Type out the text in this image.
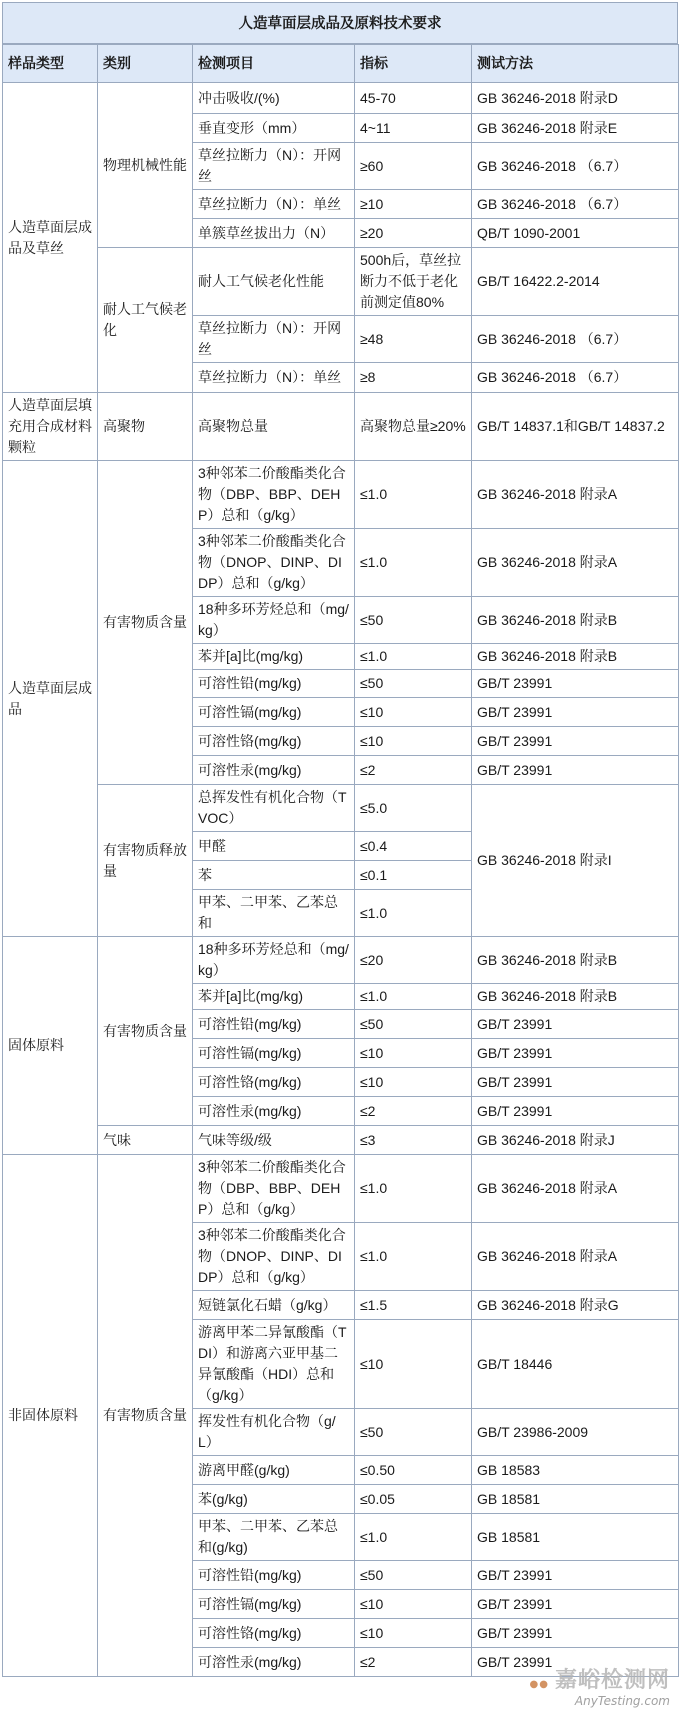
人造草面层成品及原料技术要求
样品类型	类别	检测项目	指标	测试方法
人造草面层成品及草丝	物理机械性能	冲击吸收/(%)	45-70	GB 36246-2018 附录D
		垂直变形（mm）	4~11	GB 36246-2018 附录E
		草丝拉断力（N）：开网丝	≥60	GB 36246-2018 （6.7）
		草丝拉断力（N）：单丝	≥10	GB 36246-2018 （6.7）
		单簇草丝拔出力（N）	≥20	QB/T 1090-2001
	耐人工气候老化	耐人工气候老化性能	500h后，草丝拉断力不低于老化前测定值80%	GB/T 16422.2-2014
		草丝拉断力（N）：开网丝	≥48	GB 36246-2018 （6.7）
		草丝拉断力（N）：单丝	≥8	GB 36246-2018 （6.7）
人造草面层填充用合成材料颗粒	高聚物	高聚物总量	高聚物总量≥20%	GB/T 14837.1和GB/T 14837.2
人造草面层成品	有害物质含量	3种邻苯二价酸酯类化合物（DBP、BBP、DEHP）总和（g/kg）	≤1.0	GB 36246-2018 附录A
		3种邻苯二价酸酯类化合物（DNOP、DINP、DIDP）总和（g/kg）	≤1.0	GB 36246-2018 附录A
		18种多环芳烃总和（mg/kg）	≤50	GB 36246-2018 附录B
		苯并[a]比(mg/kg)	≤1.0	GB 36246-2018 附录B
		可溶性铅(mg/kg)	≤50	GB/T 23991
		可溶性镉(mg/kg)	≤10	GB/T 23991
		可溶性铬(mg/kg)	≤10	GB/T 23991
		可溶性汞(mg/kg)	≤2	GB/T 23991
	有害物质释放量	总挥发性有机化合物（TVOC）	≤5.0	GB 36246-2018 附录I
		甲醛	≤0.4	
		苯	≤0.1	
		甲苯、二甲苯、乙苯总和	≤1.0	
固体原料	有害物质含量	18种多环芳烃总和（mg/kg）	≤20	GB 36246-2018 附录B
		苯并[a]比(mg/kg)	≤1.0	GB 36246-2018 附录B
		可溶性铅(mg/kg)	≤50	GB/T 23991
		可溶性镉(mg/kg)	≤10	GB/T 23991
		可溶性铬(mg/kg)	≤10	GB/T 23991
		可溶性汞(mg/kg)	≤2	GB/T 23991
	气味	气味等级/级	≤3	GB 36246-2018 附录J
非固体原料	有害物质含量	3种邻苯二价酸酯类化合物（DBP、BBP、DEHP）总和（g/kg）	≤1.0	GB 36246-2018 附录A
		3种邻苯二价酸酯类化合物（DNOP、DINP、DIDP）总和（g/kg）	≤1.0	GB 36246-2018 附录A
		短链氯化石蜡（g/kg）	≤1.5	GB 36246-2018 附录G
		游离甲苯二异氰酸酯（TDI）和游离六亚甲基二异氰酸酯（HDI）总和（g/kg）	≤10	GB/T 18446
		挥发性有机化合物（g/L）	≤50	GB/T 23986-2009
		游离甲醛(g/kg)	≤0.50	GB 18583
		苯(g/kg)	≤0.05	GB 18581
		甲苯、二甲苯、乙苯总和(g/kg)	≤1.0	GB 18581
		可溶性铅(mg/kg)	≤50	GB/T 23991
		可溶性镉(mg/kg)	≤10	GB/T 23991
		可溶性铬(mg/kg)	≤10	GB/T 23991
		可溶性汞(mg/kg)	≤2	GB/T 23991
●● 嘉峪检测网
AnyTesting.com
